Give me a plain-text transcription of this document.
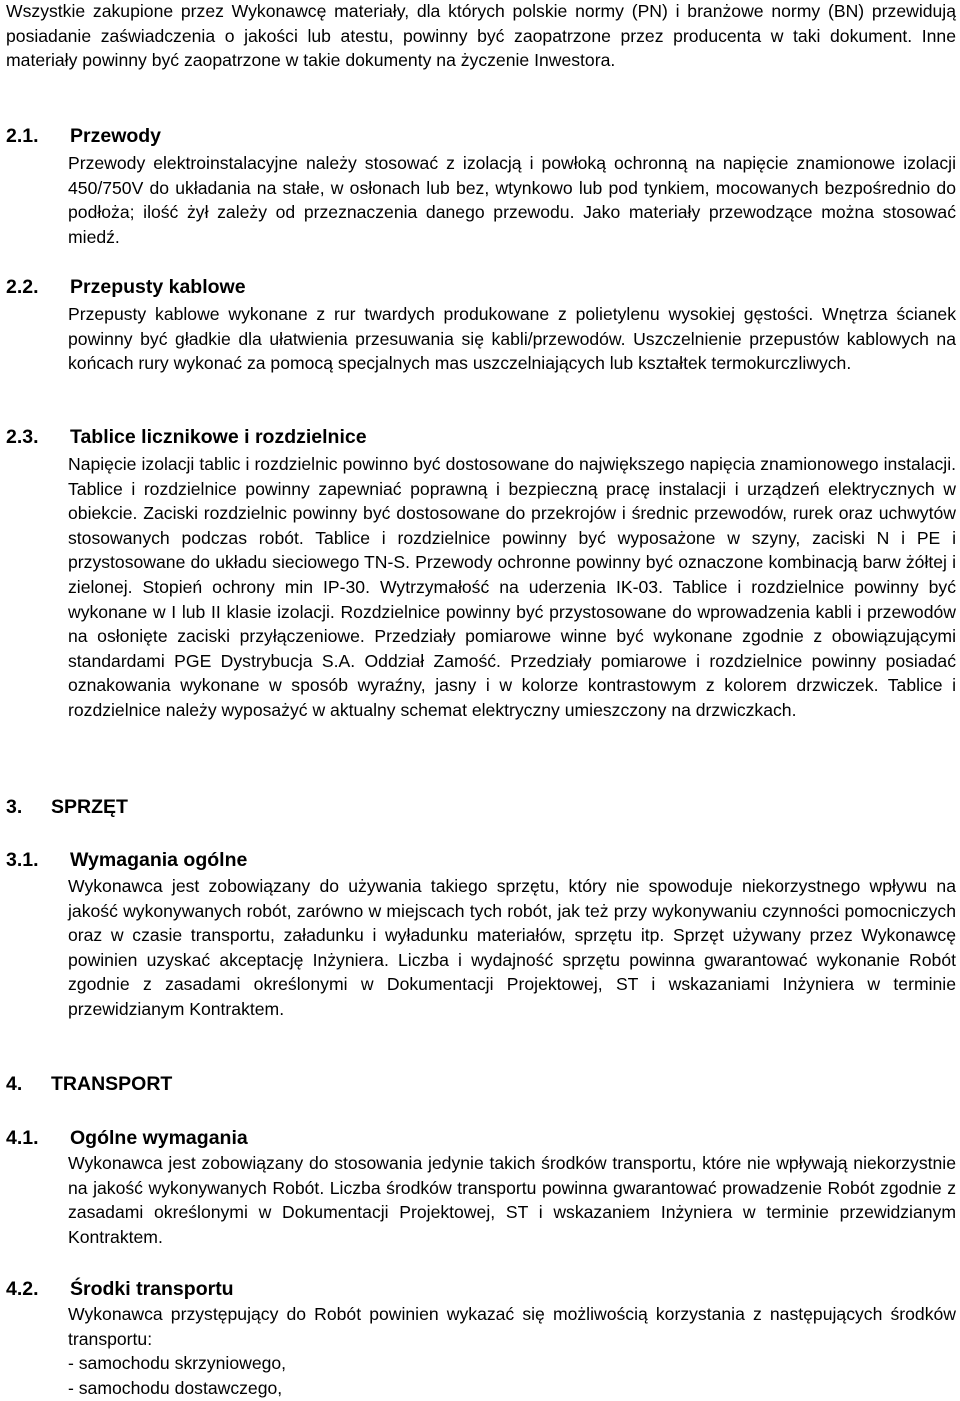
Wszystkie zakupione przez Wykonawcę materiały, dla których polskie normy (PN) i branżowe normy (BN) przewidują posiadanie zaświadczenia o jakości lub atestu, powinny być zaopatrzone przez producenta w taki dokument. Inne materiały powinny być zaopatrzone w takie dokumenty na życzenie Inwestora.

2.1. Przewody

Przewody elektroinstalacyjne należy stosować z izolacją i powłoką ochronną na napięcie znamionowe izolacji 450/750V do układania na stałe, w osłonach lub bez, wtynkowo lub pod tynkiem, mocowanych bezpośrednio do podłoża; ilość żył zależy od przeznaczenia danego przewodu. Jako materiały przewodzące można stosować miedź.

2.2. Przepusty kablowe

Przepusty kablowe wykonane z rur twardych produkowane z polietylenu wysokiej gęstości. Wnętrza ścianek powinny być gładkie dla ułatwienia przesuwania się kabli/przewodów. Uszczelnienie przepustów kablowych na końcach rury wykonać za pomocą specjalnych mas uszczelniających lub kształtek termokurczliwych.

2.3. Tablice licznikowe i rozdzielnice

Napięcie izolacji tablic i rozdzielnic powinno być dostosowane do największego napięcia znamionowego instalacji. Tablice i rozdzielnice powinny zapewniać poprawną i bezpieczną pracę instalacji i urządzeń elektrycznych w obiekcie. Zaciski rozdzielnic powinny być dostosowane do przekrojów i średnic przewodów, rurek oraz uchwytów stosowanych podczas robót. Tablice i rozdzielnice powinny być wyposażone w szyny, zaciski N i PE i przystosowane do układu sieciowego TN-S. Przewody ochronne powinny być oznaczone kombinacją barw żółtej i zielonej. Stopień ochrony min IP-30. Wytrzymałość na uderzenia IK-03. Tablice i rozdzielnice powinny być wykonane w I lub II klasie izolacji. Rozdzielnice powinny być przystosowane do wprowadzenia kabli i przewodów na osłonięte zaciski przyłączeniowe. Przedziały pomiarowe winne być wykonane zgodnie z obowiązującymi standardami PGE Dystrybucja S.A. Oddział Zamość. Przedziały pomiarowe i rozdzielnice powinny posiadać oznakowania wykonane w sposób wyraźny, jasny i w kolorze kontrastowym z kolorem drzwiczek. Tablice i rozdzielnice należy wyposażyć w aktualny schemat elektryczny umieszczony na drzwiczkach.

3. SPRZĘT
3.1. Wymagania ogólne

Wykonawca jest zobowiązany do używania takiego sprzętu, który nie spowoduje niekorzystnego wpływu na jakość wykonywanych robót, zarówno w miejscach tych robót, jak też przy wykonywaniu czynności pomocniczych oraz w czasie transportu, załadunku i wyładunku materiałów, sprzętu itp. Sprzęt używany przez Wykonawcę powinien uzyskać akceptację Inżyniera. Liczba i wydajność sprzętu powinna gwarantować wykonanie Robót zgodnie z zasadami określonymi w Dokumentacji Projektowej, ST i wskazaniami Inżyniera w terminie przewidzianym Kontraktem.

4. TRANSPORT
4.1. Ogólne wymagania

Wykonawca jest zobowiązany do stosowania jedynie takich środków transportu, które nie wpływają niekorzystnie na jakość wykonywanych Robót. Liczba środków transportu powinna gwarantować prowadzenie Robót zgodnie z zasadami określonymi w Dokumentacji Projektowej, ST i wskazaniem Inżyniera w terminie przewidzianym Kontraktem.

4.2. Środki transportu

Wykonawca przystępujący do Robót powinien wykazać się możliwością korzystania z następujących środków transportu:

- samochodu skrzyniowego,

- samochodu dostawczego,
